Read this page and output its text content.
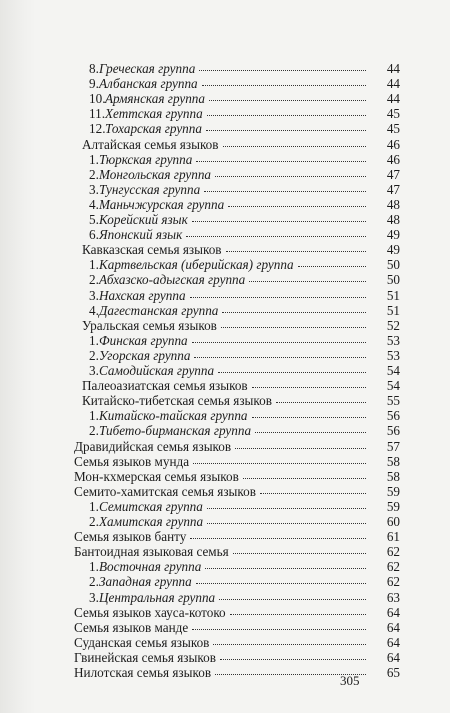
8. Греческая группа	44
9. Албанская группа	44
10. Армянская группа	44
11. Хеттская группа	45
12. Тохарская группа	45
Алтайская семья языков	46
1. Тюркская группа	46
2. Монгольская группа	47
3. Тунгусская группа	47
4. Маньчжурская группа	48
5. Корейский язык	48
6. Японский язык	49
Кавказская семья языков	49
1. Картвельская (иберийская) группа	50
2. Абхазско-адыгская группа	50
3. Нахская группа	51
4. Дагестанская группа	51
Уральская семья языков	52
1. Финская группа	53
2. Угорская группа	53
3. Самодийская группа	54
Палеоазиатская семья языков	54
Китайско-тибетская семья языков	55
1. Китайско-тайская группа	56
2. Тибето-бирманская группа	56
Дравидийская семья языков	57
Семья языков мунда	58
Мон-кхмерская семья языков	58
Семито-хамитская семья языков	59
1. Семитская группа	59
2. Хамитская группа	60
Семья языков банту	61
Бантоидная языковая семья	62
1. Восточная группа	62
2. Западная группа	62
3. Центральная группа	63
Семья языков хауса-котоко	64
Семья языков манде	64
Суданская семья языков	64
Гвинейская семья языков	64
Нилотская семья языков	65
305
